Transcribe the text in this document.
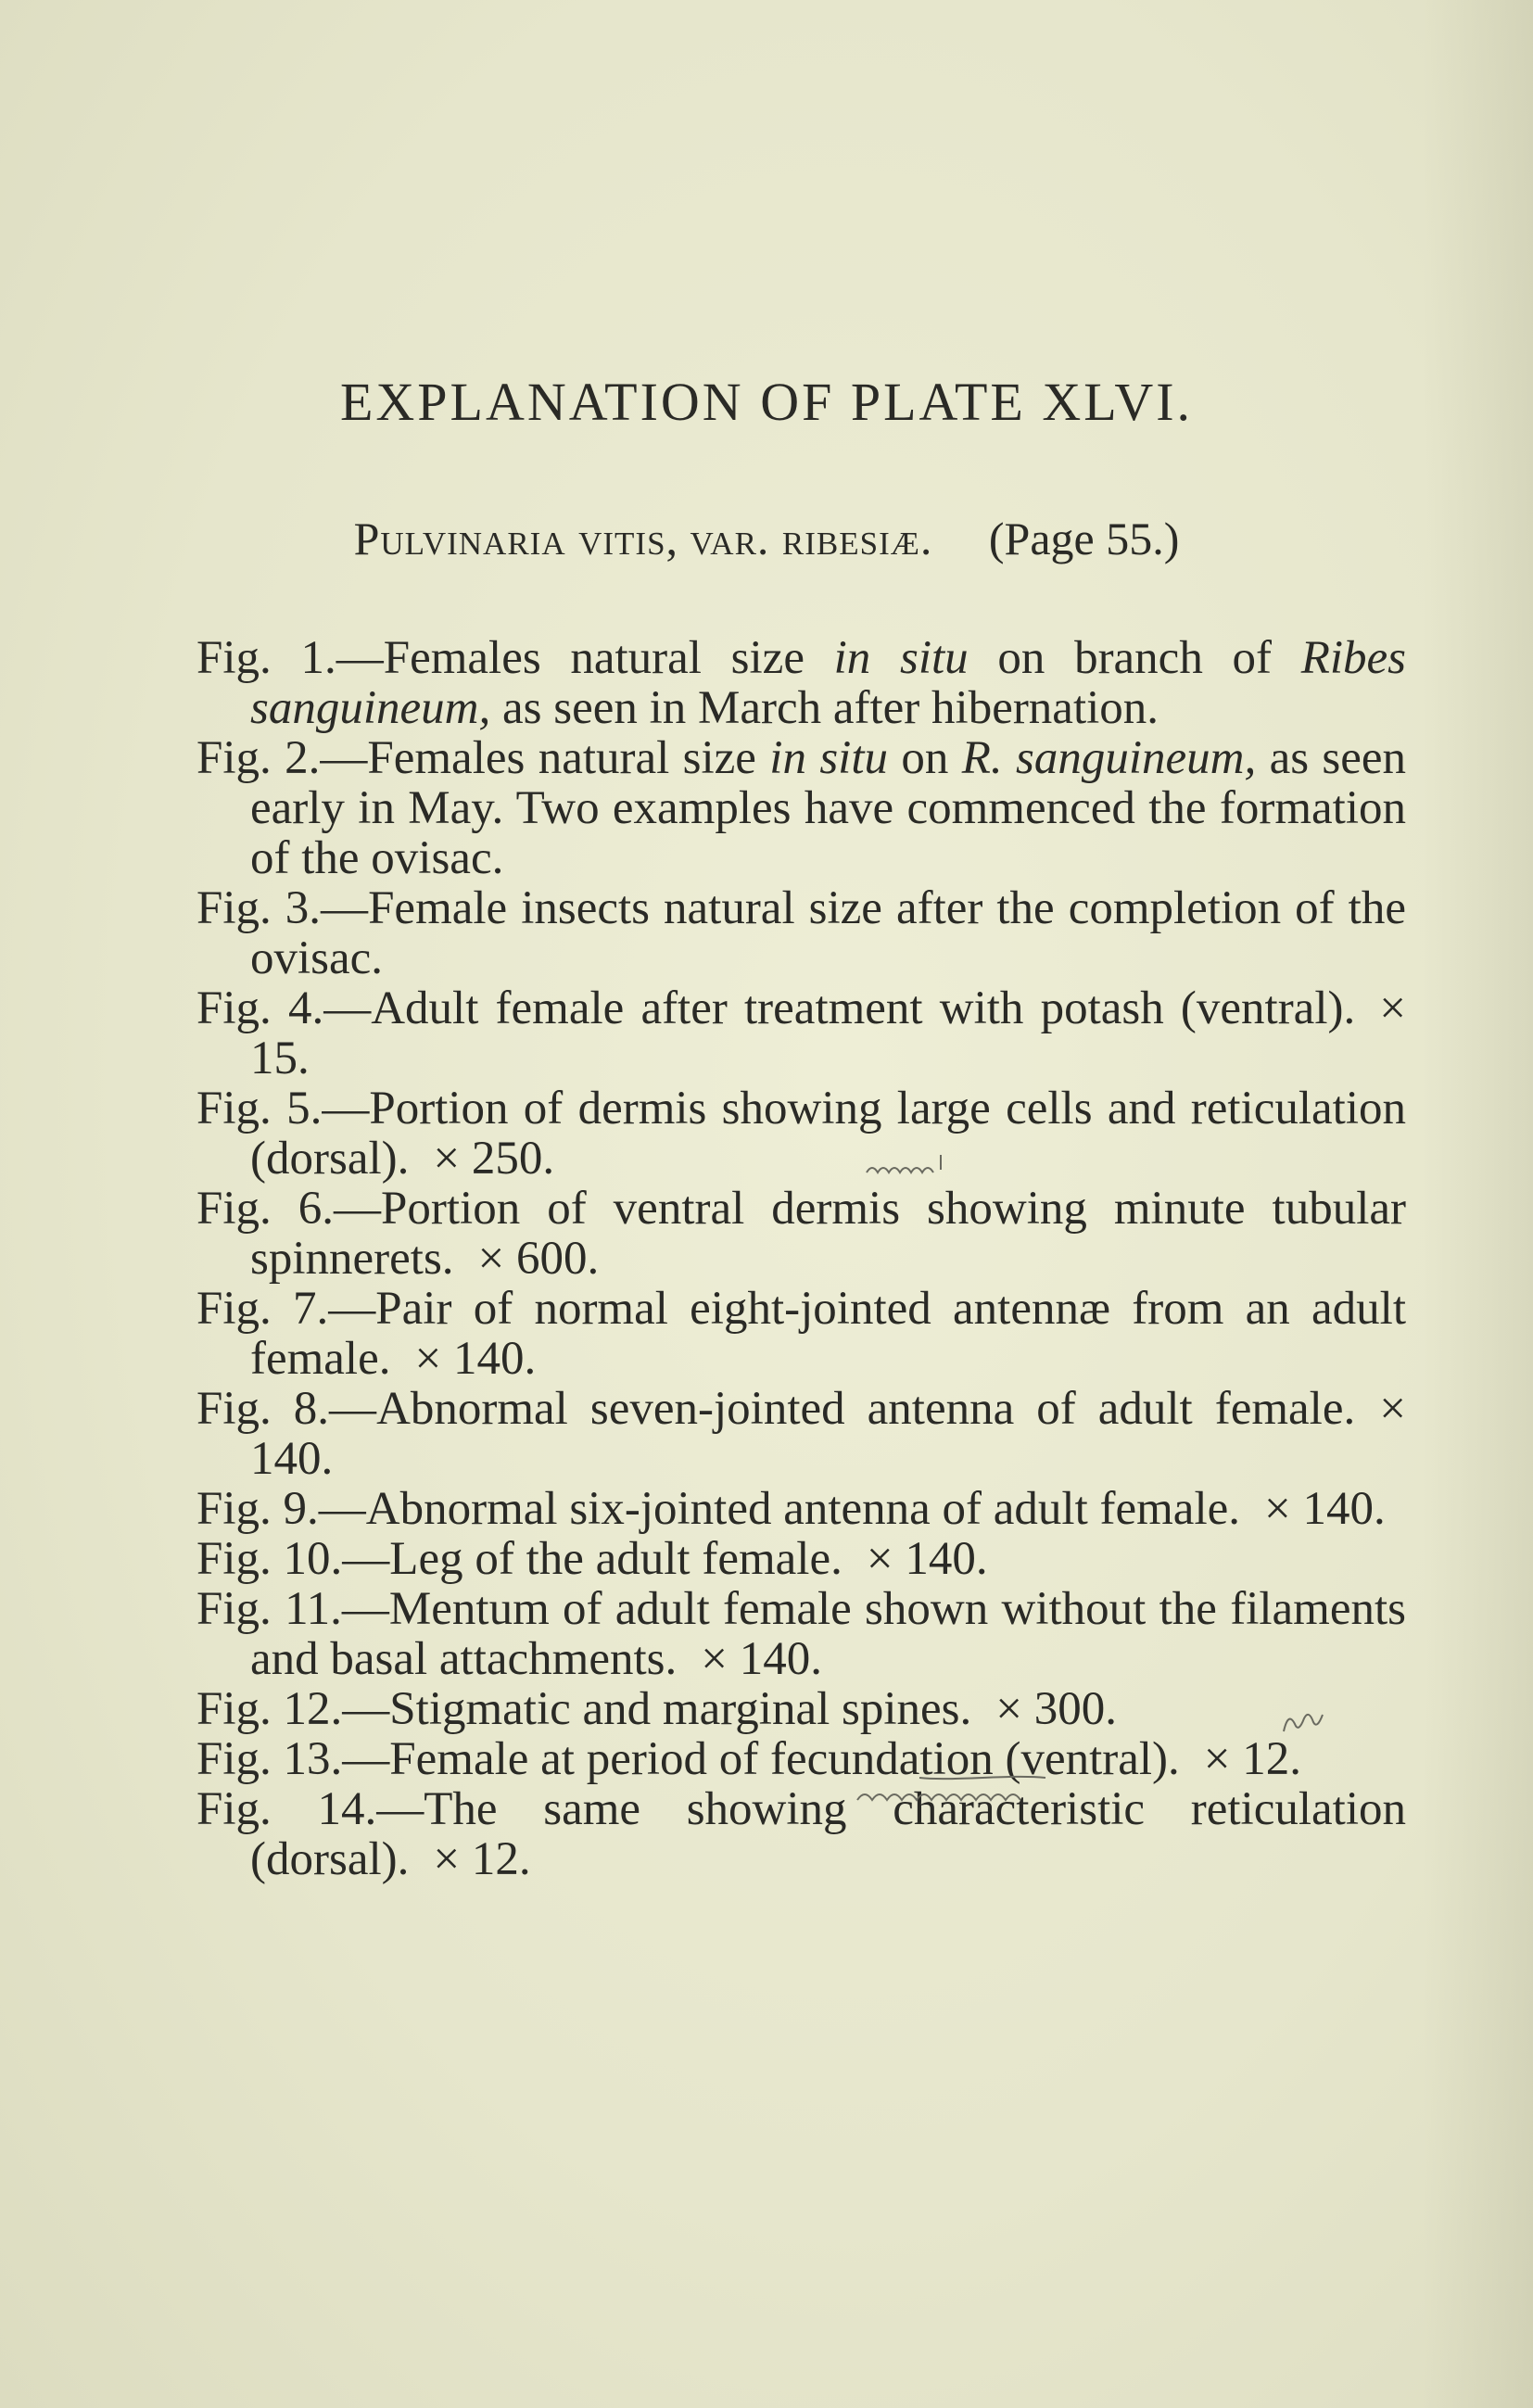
EXPLANATION OF PLATE XLVI.
Pulvinaria vitis, var. ribesiæ. (Page 55.)

Fig. 1.—Females natural size in situ on branch of Ribes sanguineum, as seen in March after hibernation.

Fig. 2.—Females natural size in situ on R. sanguineum, as seen early in May. Two examples have commenced the formation of the ovisac.

Fig. 3.—Female insects natural size after the completion of the ovisac.

Fig. 4.—Adult female after treatment with potash (ventral). × 15.

Fig. 5.—Portion of dermis showing large cells and reticulation (dorsal). × 250.

Fig. 6.—Portion of ventral dermis showing minute tubular spinnerets. × 600.

Fig. 7.—Pair of normal eight-jointed antennæ from an adult female. × 140.

Fig. 8.—Abnormal seven-jointed antenna of adult female. × 140.

Fig. 9.—Abnormal six-jointed antenna of adult female. × 140.

Fig. 10.—Leg of the adult female. × 140.

Fig. 11.—Mentum of adult female shown without the filaments and basal attachments. × 140.

Fig. 12.—Stigmatic and marginal spines. × 300.

Fig. 13.—Female at period of fecundation (ventral). × 12.

Fig. 14.—The same showing characteristic reticulation (dorsal). × 12.
